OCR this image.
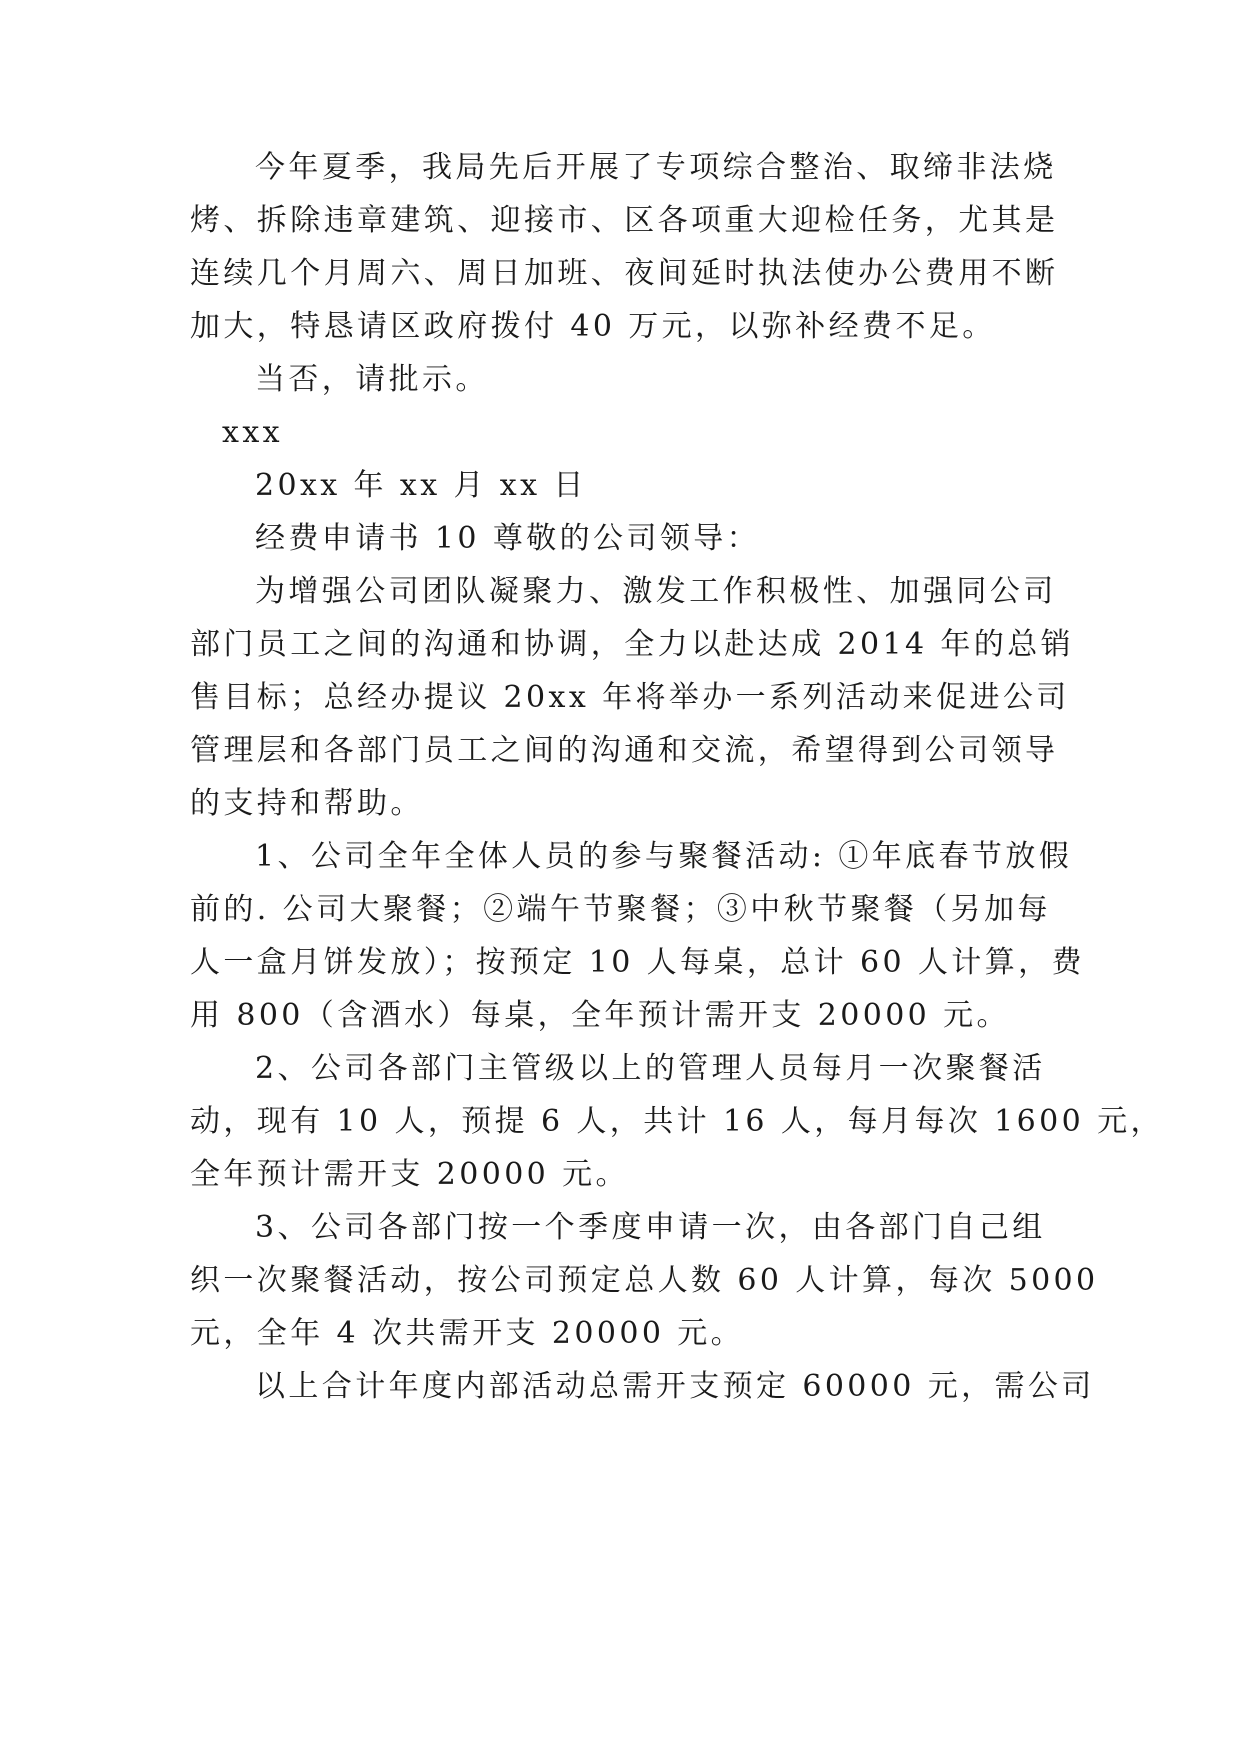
今年夏季，我局先后开展了专项综合整治、取缔非法烧
烤、拆除违章建筑、迎接市、区各项重大迎检任务，尤其是
连续几个月周六、周日加班、夜间延时执法使办公费用不断
加大，特恳请区政府拨付 40 万元，以弥补经费不足。
当否，请批示。
xxx
20xx 年 xx 月 xx 日
经费申请书 10 尊敬的公司领导：
为增强公司团队凝聚力、激发工作积极性、加强同公司
部门员工之间的沟通和协调，全力以赴达成 2014 年的总销
售目标；总经办提议 20xx 年将举办一系列活动来促进公司
管理层和各部门员工之间的沟通和交流，希望得到公司领导
的支持和帮助。
1、公司全年全体人员的参与聚餐活动: ①年底春节放假
前的. 公司大聚餐；②端午节聚餐；③中秋节聚餐（另加每
人一盒月饼发放）；按预定 10 人每桌，总计 60 人计算，费
用 800（含酒水）每桌，全年预计需开支 20000 元。
2、公司各部门主管级以上的管理人员每月一次聚餐活
动，现有 10 人，预提 6 人，共计 16 人，每月每次 1600 元，
全年预计需开支 20000 元。
3、公司各部门按一个季度申请一次，由各部门自己组
织一次聚餐活动，按公司预定总人数 60 人计算，每次 5000
元，全年 4 次共需开支 20000 元。
以上合计年度内部活动总需开支预定 60000 元，需公司
